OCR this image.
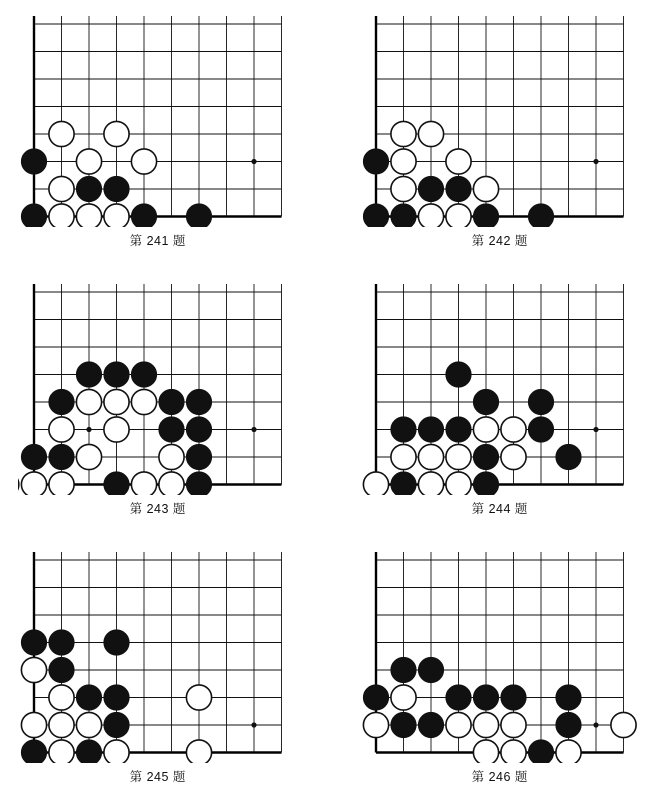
第 241 题	第 242 题
第 243 题	第 244 题
第 245 题	第 246 题
